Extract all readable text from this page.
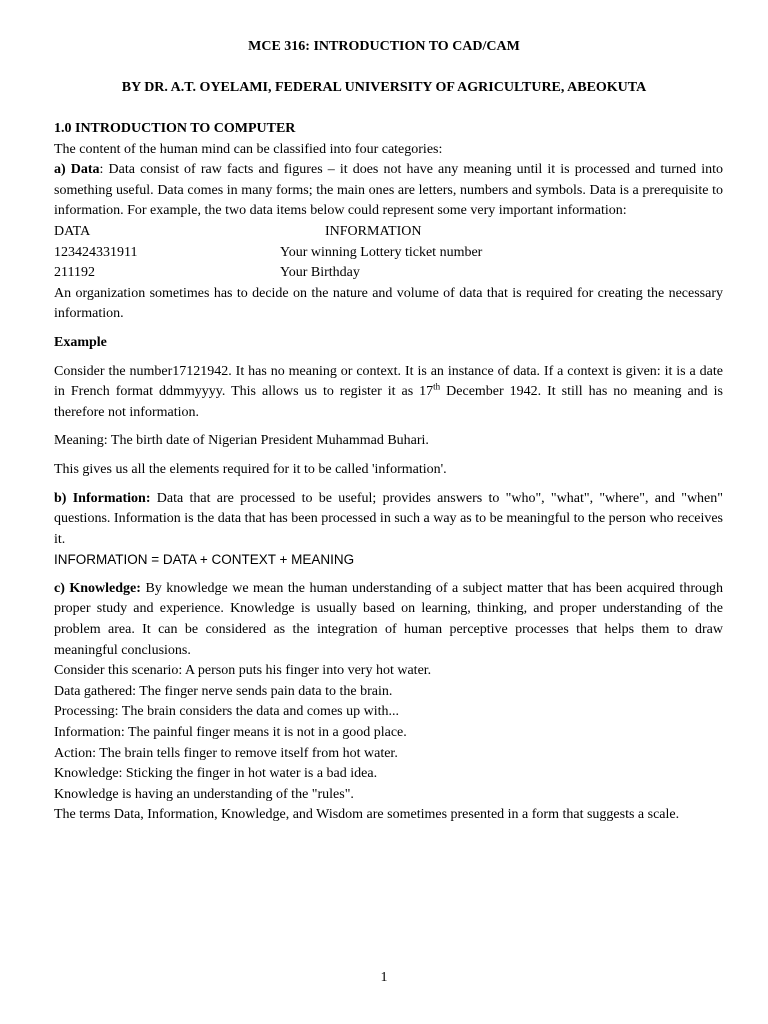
MCE 316: INTRODUCTION TO CAD/CAM
BY DR. A.T. OYELAMI, FEDERAL UNIVERSITY OF AGRICULTURE, ABEOKUTA

1.0 INTRODUCTION TO COMPUTER

The content of the human mind can be classified into four categories:

a) Data: Data consist of raw facts and figures – it does not have any meaning until it is processed and turned into something useful. Data comes in many forms; the main ones are letters, numbers and symbols. Data is a prerequisite to information. For example, the two data items below could represent some very important information:

DATA	INFORMATION
123424331911	Your winning Lottery ticket number
211192	Your Birthday

An organization sometimes has to decide on the nature and volume of data that is required for creating the necessary information.

Example

Consider the number17121942. It has no meaning or context. It is an instance of data. If a context is given: it is a date in French format ddmmyyyy. This allows us to register it as 17th December 1942. It still has no meaning and is therefore not information.

Meaning: The birth date of Nigerian President Muhammad Buhari.

This gives us all the elements required for it to be called 'information'.

b) Information: Data that are processed to be useful; provides answers to "who", "what", "where", and "when" questions. Information is the data that has been processed in such a way as to be meaningful to the person who receives it.

INFORMATION = DATA + CONTEXT + MEANING

c) Knowledge: By knowledge we mean the human understanding of a subject matter that has been acquired through proper study and experience. Knowledge is usually based on learning, thinking, and proper understanding of the problem area. It can be considered as the integration of human perceptive processes that helps them to draw meaningful conclusions.

Consider this scenario: A person puts his finger into very hot water.

Data gathered: The finger nerve sends pain data to the brain.

Processing: The brain considers the data and comes up with...

Information: The painful finger means it is not in a good place.

Action: The brain tells finger to remove itself from hot water.

Knowledge: Sticking the finger in hot water is a bad idea.

Knowledge is having an understanding of the "rules".

The terms Data, Information, Knowledge, and Wisdom are sometimes presented in a form that suggests a scale.

1
